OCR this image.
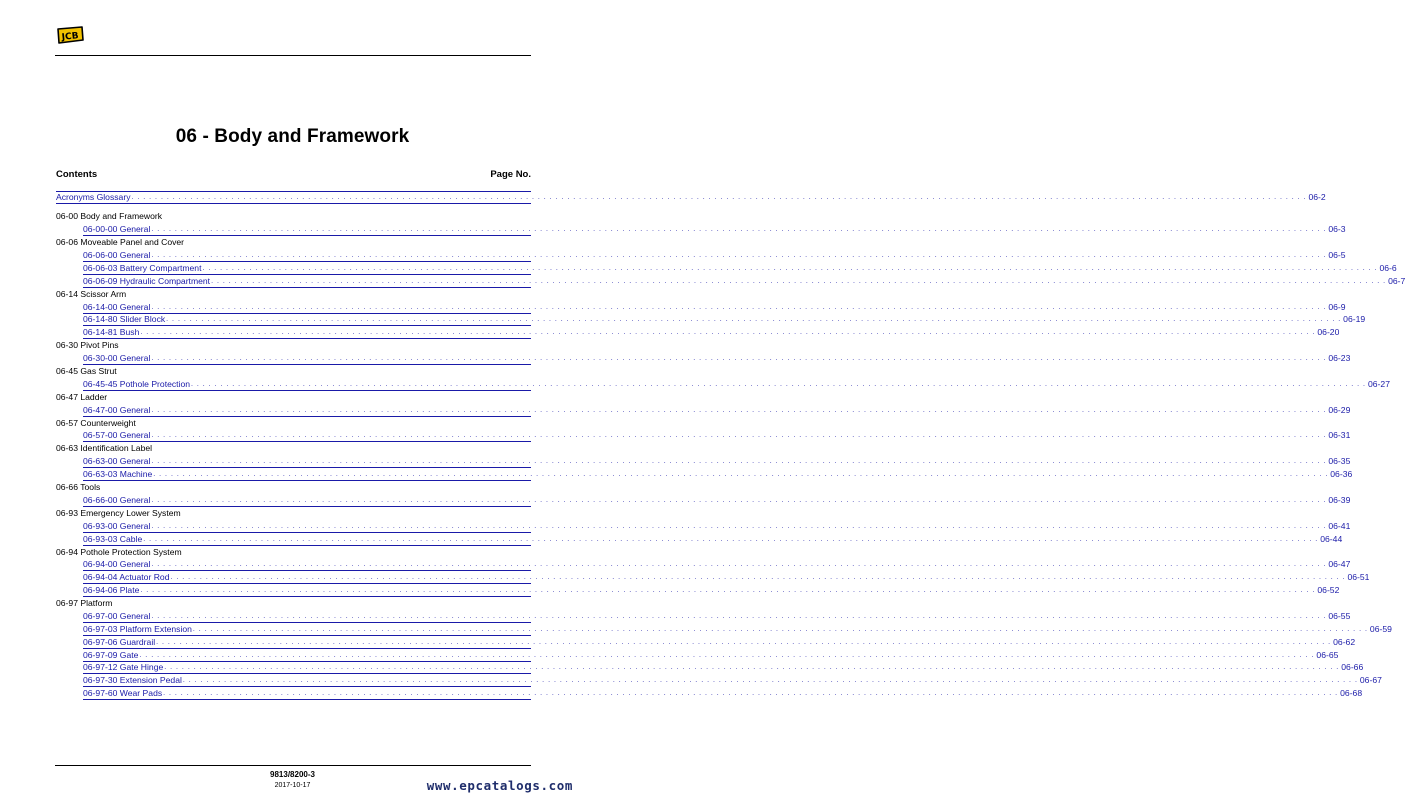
JCB
06 - Body and Framework
Contents	Page No.
Acronyms Glossary . . . . . . . . . . . . . . . . . . . . . . . . . . . . . . . . . . . . . . . . . . . . . . . . . . . . . . . . . . . . . . . . . . . . . . . . . . . . . . . . . . . . . . . . . . . . . . . . . . . . . . . . . . . . . . . . . . . . . . . . . . . . . . . . . . . . . . . . . . . . . . . . . . . . . . . . . . . . . . . . . . . . . . . . . . . . . . . . . . . . . . . . . . . . . . . . . . . . . . . . 06-2
06-00 Body and Framework
06-00-00 General . . . . . . . . . . . . . . . . . . . . . . . . . . . . . . . . . . . . . . . . . . . . . . . . . . . . . . . . . . . . . . . . . . . . . . . . . . . . . . . . . . . . . . . . . . . . . . . . . . . . . . . . . . . . . . . . . . . . . . . . . . . . . . . . . . . . . . . . . . . . . . . . . . . . . . . . . . . . . . . . . . . . . . . . . . . . . . . . . . . . . . . . . . . . . . . . . . . . . . . . 06-3
06-06 Moveable Panel and Cover
06-06-00 General . . . . . . . . . . . . . . . . . . . . . . . . . . . . . . . . . . . . . . . . . . . . . . . . . . . . . . . . . . . . . . . . . . . . . . . . . . . . . . . . . . . . . . . . . . . . . . . . . . . . . . . . . . . . . . . . . . . . . . . . . . . . . . . . . . . . . . . . . . . . . . . . . . . . . . . . . . . . . . . . . . . . . . . . . . . . . . . . . . . . . . . . . . . . . . . . . . . . . . . . 06-5
06-06-03 Battery Compartment . . . . . . . . . . . . . . . . . . . . . . . . . . . . . . . . . . . . . . . . . . . . . . . . . . . . . . . . . . . . . . . . . . . . . . . . . . . . . . . . . . . . . . . . . . . . . . . . . . . . . . . . . . . . . . . . . . . . . . . . . . . . . . . . . . . . . . . . . . . . . . . . . . . . . . . . . . . . . . . . . . . . . . . . . . . . . . . . . . . . . . . . . . . . . . . . . . . . . . . . 06-6
06-06-09 Hydraulic Compartment . . . . . . . . . . . . . . . . . . . . . . . . . . . . . . . . . . . . . . . . . . . . . . . . . . . . . . . . . . . . . . . . . . . . . . . . . . . . . . . . . . . . . . . . . . . . . . . . . . . . . . . . . . . . . . . . . . . . . . . . . . . . . . . . . . . . . . . . . . . . . . . . . . . . . . . . . . . . . . . . . . . . . . . . . . . . . . . . . . . . . . . . . . . . . . . . . . . . . . . . 06-7
06-14 Scissor Arm
06-14-00 General . . . . . . . . . . . . . . . . . . . . . . . . . . . . . . . . . . . . . . . . . . . . . . . . . . . . . . . . . . . . . . . . . . . . . . . . . . . . . . . . . . . . . . . . . . . . . . . . . . . . . . . . . . . . . . . . . . . . . . . . . . . . . . . . . . . . . . . . . . . . . . . . . . . . . . . . . . . . . . . . . . . . . . . . . . . . . . . . . . . . . . . . . . . . . . . . . . . . . . . . 06-9
06-14-80 Slider Block . . . . . . . . . . . . . . . . . . . . . . . . . . . . . . . . . . . . . . . . . . . . . . . . . . . . . . . . . . . . . . . . . . . . . . . . . . . . . . . . . . . . . . . . . . . . . . . . . . . . . . . . . . . . . . . . . . . . . . . . . . . . . . . . . . . . . . . . . . . . . . . . . . . . . . . . . . . . . . . . . . . . . . . . . . . . . . . . . . . . . . . . . . . . . . . . . . . . . . . . 06-19
06-14-81 Bush . . . . . . . . . . . . . . . . . . . . . . . . . . . . . . . . . . . . . . . . . . . . . . . . . . . . . . . . . . . . . . . . . . . . . . . . . . . . . . . . . . . . . . . . . . . . . . . . . . . . . . . . . . . . . . . . . . . . . . . . . . . . . . . . . . . . . . . . . . . . . . . . . . . . . . . . . . . . . . . . . . . . . . . . . . . . . . . . . . . . . . . . . . . . . . . . . . . . . . . . 06-20
06-30 Pivot Pins
06-30-00 General . . . . . . . . . . . . . . . . . . . . . . . . . . . . . . . . . . . . . . . . . . . . . . . . . . . . . . . . . . . . . . . . . . . . . . . . . . . . . . . . . . . . . . . . . . . . . . . . . . . . . . . . . . . . . . . . . . . . . . . . . . . . . . . . . . . . . . . . . . . . . . . . . . . . . . . . . . . . . . . . . . . . . . . . . . . . . . . . . . . . . . . . . . . . . . . . . . . . . . . . 06-23
06-45 Gas Strut
06-45-45 Pothole Protection . . . . . . . . . . . . . . . . . . . . . . . . . . . . . . . . . . . . . . . . . . . . . . . . . . . . . . . . . . . . . . . . . . . . . . . . . . . . . . . . . . . . . . . . . . . . . . . . . . . . . . . . . . . . . . . . . . . . . . . . . . . . . . . . . . . . . . . . . . . . . . . . . . . . . . . . . . . . . . . . . . . . . . . . . . . . . . . . . . . . . . . . . . . . . . . . . . . . . . . . 06-27
06-47 Ladder
06-47-00 General . . . . . . . . . . . . . . . . . . . . . . . . . . . . . . . . . . . . . . . . . . . . . . . . . . . . . . . . . . . . . . . . . . . . . . . . . . . . . . . . . . . . . . . . . . . . . . . . . . . . . . . . . . . . . . . . . . . . . . . . . . . . . . . . . . . . . . . . . . . . . . . . . . . . . . . . . . . . . . . . . . . . . . . . . . . . . . . . . . . . . . . . . . . . . . . . . . . . . . . . 06-29
06-57 Counterweight
06-57-00 General . . . . . . . . . . . . . . . . . . . . . . . . . . . . . . . . . . . . . . . . . . . . . . . . . . . . . . . . . . . . . . . . . . . . . . . . . . . . . . . . . . . . . . . . . . . . . . . . . . . . . . . . . . . . . . . . . . . . . . . . . . . . . . . . . . . . . . . . . . . . . . . . . . . . . . . . . . . . . . . . . . . . . . . . . . . . . . . . . . . . . . . . . . . . . . . . . . . . . . . . 06-31
06-63 Identification Label
06-63-00 General . . . . . . . . . . . . . . . . . . . . . . . . . . . . . . . . . . . . . . . . . . . . . . . . . . . . . . . . . . . . . . . . . . . . . . . . . . . . . . . . . . . . . . . . . . . . . . . . . . . . . . . . . . . . . . . . . . . . . . . . . . . . . . . . . . . . . . . . . . . . . . . . . . . . . . . . . . . . . . . . . . . . . . . . . . . . . . . . . . . . . . . . . . . . . . . . . . . . . . . . 06-35
06-63-03 Machine . . . . . . . . . . . . . . . . . . . . . . . . . . . . . . . . . . . . . . . . . . . . . . . . . . . . . . . . . . . . . . . . . . . . . . . . . . . . . . . . . . . . . . . . . . . . . . . . . . . . . . . . . . . . . . . . . . . . . . . . . . . . . . . . . . . . . . . . . . . . . . . . . . . . . . . . . . . . . . . . . . . . . . . . . . . . . . . . . . . . . . . . . . . . . . . . . . . . . . . . 06-36
06-66 Tools
06-66-00 General . . . . . . . . . . . . . . . . . . . . . . . . . . . . . . . . . . . . . . . . . . . . . . . . . . . . . . . . . . . . . . . . . . . . . . . . . . . . . . . . . . . . . . . . . . . . . . . . . . . . . . . . . . . . . . . . . . . . . . . . . . . . . . . . . . . . . . . . . . . . . . . . . . . . . . . . . . . . . . . . . . . . . . . . . . . . . . . . . . . . . . . . . . . . . . . . . . . . . . . . 06-39
06-93 Emergency Lower System
06-93-00 General . . . . . . . . . . . . . . . . . . . . . . . . . . . . . . . . . . . . . . . . . . . . . . . . . . . . . . . . . . . . . . . . . . . . . . . . . . . . . . . . . . . . . . . . . . . . . . . . . . . . . . . . . . . . . . . . . . . . . . . . . . . . . . . . . . . . . . . . . . . . . . . . . . . . . . . . . . . . . . . . . . . . . . . . . . . . . . . . . . . . . . . . . . . . . . . . . . . . . . . . 06-41
06-93-03 Cable . . . . . . . . . . . . . . . . . . . . . . . . . . . . . . . . . . . . . . . . . . . . . . . . . . . . . . . . . . . . . . . . . . . . . . . . . . . . . . . . . . . . . . . . . . . . . . . . . . . . . . . . . . . . . . . . . . . . . . . . . . . . . . . . . . . . . . . . . . . . . . . . . . . . . . . . . . . . . . . . . . . . . . . . . . . . . . . . . . . . . . . . . . . . . . . . . . . . . . . . 06-44
06-94 Pothole Protection System
06-94-00 General . . . . . . . . . . . . . . . . . . . . . . . . . . . . . . . . . . . . . . . . . . . . . . . . . . . . . . . . . . . . . . . . . . . . . . . . . . . . . . . . . . . . . . . . . . . . . . . . . . . . . . . . . . . . . . . . . . . . . . . . . . . . . . . . . . . . . . . . . . . . . . . . . . . . . . . . . . . . . . . . . . . . . . . . . . . . . . . . . . . . . . . . . . . . . . . . . . . . . . . . 06-47
06-94-04 Actuator Rod . . . . . . . . . . . . . . . . . . . . . . . . . . . . . . . . . . . . . . . . . . . . . . . . . . . . . . . . . . . . . . . . . . . . . . . . . . . . . . . . . . . . . . . . . . . . . . . . . . . . . . . . . . . . . . . . . . . . . . . . . . . . . . . . . . . . . . . . . . . . . . . . . . . . . . . . . . . . . . . . . . . . . . . . . . . . . . . . . . . . . . . . . . . . . . . . . . . . . . . . 06-51
06-94-06 Plate . . . . . . . . . . . . . . . . . . . . . . . . . . . . . . . . . . . . . . . . . . . . . . . . . . . . . . . . . . . . . . . . . . . . . . . . . . . . . . . . . . . . . . . . . . . . . . . . . . . . . . . . . . . . . . . . . . . . . . . . . . . . . . . . . . . . . . . . . . . . . . . . . . . . . . . . . . . . . . . . . . . . . . . . . . . . . . . . . . . . . . . . . . . . . . . . . . . . . . . . 06-52
06-97 Platform
06-97-00 General . . . . . . . . . . . . . . . . . . . . . . . . . . . . . . . . . . . . . . . . . . . . . . . . . . . . . . . . . . . . . . . . . . . . . . . . . . . . . . . . . . . . . . . . . . . . . . . . . . . . . . . . . . . . . . . . . . . . . . . . . . . . . . . . . . . . . . . . . . . . . . . . . . . . . . . . . . . . . . . . . . . . . . . . . . . . . . . . . . . . . . . . . . . . . . . . . . . . . . . . 06-55
06-97-03 Platform Extension . . . . . . . . . . . . . . . . . . . . . . . . . . . . . . . . . . . . . . . . . . . . . . . . . . . . . . . . . . . . . . . . . . . . . . . . . . . . . . . . . . . . . . . . . . . . . . . . . . . . . . . . . . . . . . . . . . . . . . . . . . . . . . . . . . . . . . . . . . . . . . . . . . . . . . . . . . . . . . . . . . . . . . . . . . . . . . . . . . . . . . . . . . . . . . . . . . . . . . . . 06-59
06-97-06 Guardrail . . . . . . . . . . . . . . . . . . . . . . . . . . . . . . . . . . . . . . . . . . . . . . . . . . . . . . . . . . . . . . . . . . . . . . . . . . . . . . . . . . . . . . . . . . . . . . . . . . . . . . . . . . . . . . . . . . . . . . . . . . . . . . . . . . . . . . . . . . . . . . . . . . . . . . . . . . . . . . . . . . . . . . . . . . . . . . . . . . . . . . . . . . . . . . . . . . . . . . . . 06-62
06-97-09 Gate . . . . . . . . . . . . . . . . . . . . . . . . . . . . . . . . . . . . . . . . . . . . . . . . . . . . . . . . . . . . . . . . . . . . . . . . . . . . . . . . . . . . . . . . . . . . . . . . . . . . . . . . . . . . . . . . . . . . . . . . . . . . . . . . . . . . . . . . . . . . . . . . . . . . . . . . . . . . . . . . . . . . . . . . . . . . . . . . . . . . . . . . . . . . . . . . . . . . . . . . 06-65
06-97-12 Gate Hinge . . . . . . . . . . . . . . . . . . . . . . . . . . . . . . . . . . . . . . . . . . . . . . . . . . . . . . . . . . . . . . . . . . . . . . . . . . . . . . . . . . . . . . . . . . . . . . . . . . . . . . . . . . . . . . . . . . . . . . . . . . . . . . . . . . . . . . . . . . . . . . . . . . . . . . . . . . . . . . . . . . . . . . . . . . . . . . . . . . . . . . . . . . . . . . . . . . . . . . . . 06-66
06-97-30 Extension Pedal . . . . . . . . . . . . . . . . . . . . . . . . . . . . . . . . . . . . . . . . . . . . . . . . . . . . . . . . . . . . . . . . . . . . . . . . . . . . . . . . . . . . . . . . . . . . . . . . . . . . . . . . . . . . . . . . . . . . . . . . . . . . . . . . . . . . . . . . . . . . . . . . . . . . . . . . . . . . . . . . . . . . . . . . . . . . . . . . . . . . . . . . . . . . . . . . . . . . . . . . 06-67
06-97-60 Wear Pads . . . . . . . . . . . . . . . . . . . . . . . . . . . . . . . . . . . . . . . . . . . . . . . . . . . . . . . . . . . . . . . . . . . . . . . . . . . . . . . . . . . . . . . . . . . . . . . . . . . . . . . . . . . . . . . . . . . . . . . . . . . . . . . . . . . . . . . . . . . . . . . . . . . . . . . . . . . . . . . . . . . . . . . . . . . . . . . . . . . . . . . . . . . . . . . . . . . . . . . . 06-68
9813/8200-3
2017-10-17	www.epcatalogs.com
